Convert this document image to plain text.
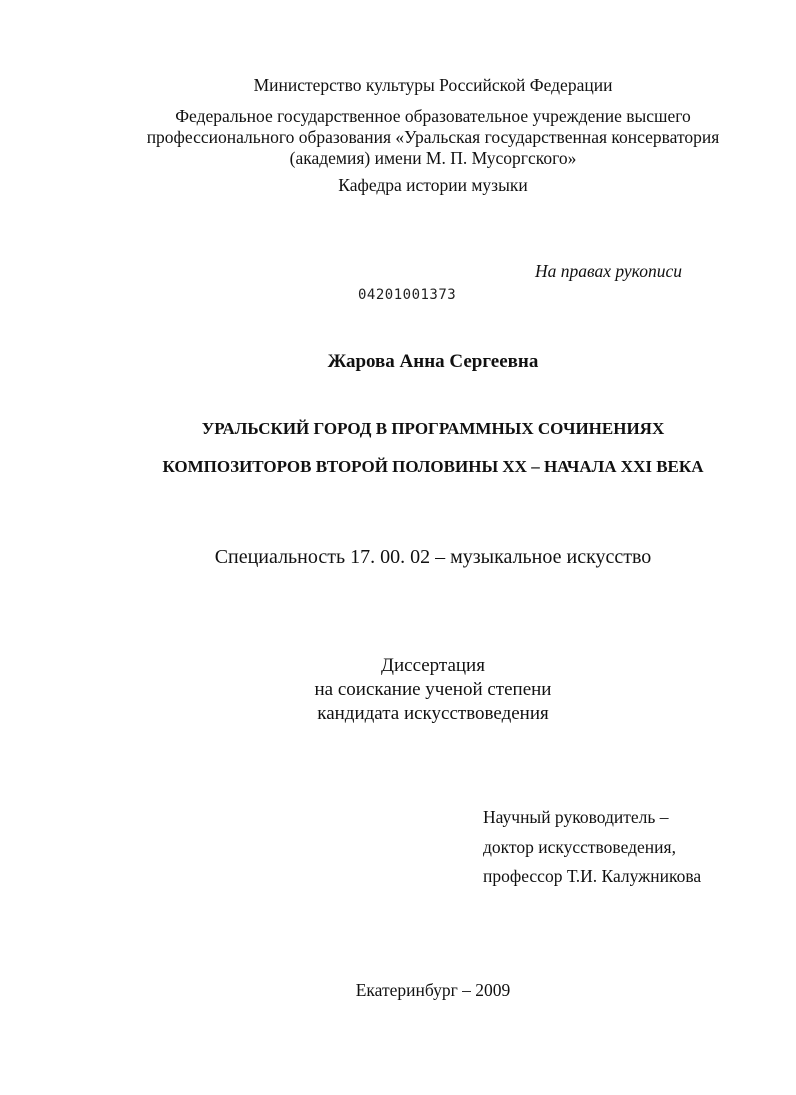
Министерство культуры Российской Федерации
Федеральное государственное образовательное учреждение высшего
профессионального образования «Уральская государственная консерватория
(академия) имени М. П. Мусоргского»
Кафедра истории музыки
На правах рукописи
04201001373
Жарова Анна Сергеевна
УРАЛЬСКИЙ ГОРОД В ПРОГРАММНЫХ СОЧИНЕНИЯХ
КОМПОЗИТОРОВ ВТОРОЙ ПОЛОВИНЫ XX – НАЧАЛА XXI ВЕКА
Специальность 17. 00. 02 – музыкальное искусство
Диссертация
на соискание ученой степени
кандидата искусствоведения
Научный руководитель –
доктор искусствоведения,
профессор Т.И. Калужникова
Екатеринбург – 2009
